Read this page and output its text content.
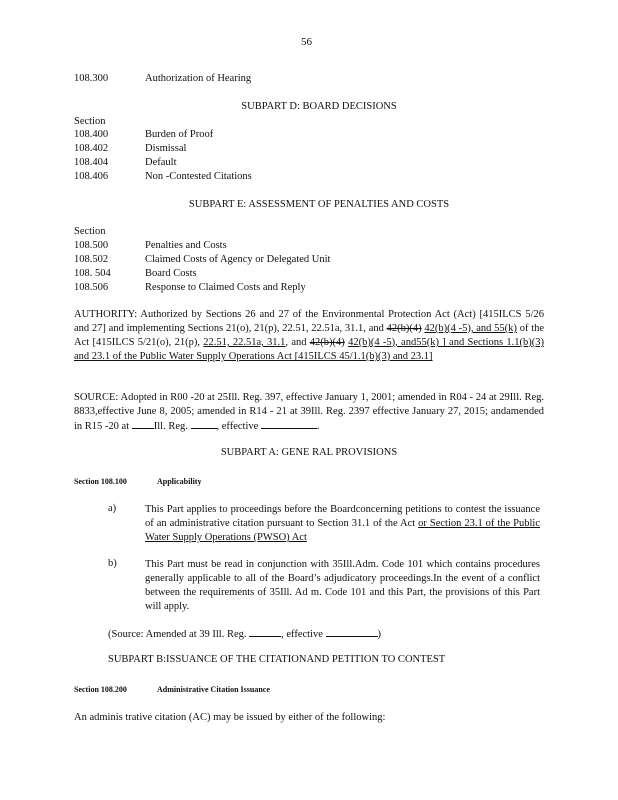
56
108.300	Authorization of Hearing
SUBPART D: BOARD DECISIONS
Section
108.400	Burden of Proof
108.402	Dismissal
108.404	Default
108.406	Non -Contested Citations
SUBPART E: ASSESSMENT OF PENALTIES AND COSTS
Section
108.500	Penalties and Costs
108.502	Claimed Costs of Agency or Delegated Unit
108. 504	Board Costs
108.506	Response to Claimed Costs and Reply
AUTHORITY: Authorized by Sections 26 and 27 of the Environmental Protection Act (Act) [415ILCS 5/26 and 27] and implementing Sections 21(o), 21(p), 22.51, 22.51a, 31.1, and 42(b)(4) 42(b)(4 -5), and 55(k) of the Act [415ILCS 5/21(o), 21(p), 22.51, 22.51a, 31.1, and 42(b)(4) 42(b)(4 -5), and55(k) ] and Sections 1.1(b)(3) and 23.1 of the Public Water Supply Operations Act [415ILCS 45/1.1(b)(3) and 23.1]
SOURCE: Adopted in R00 -20 at 25Ill. Reg. 397, effective January 1, 2001; amended in R04 - 24 at 29Ill. Reg. 8833,effective June 8, 2005; amended in R14 - 21 at 39Ill. Reg. 2397 effective January 27, 2015; andamended in R15 -20 at Ill. Reg. , effective	.
SUBPART A: GENE RAL PROVISIONS
Section 108.100	Applicability
a)	This Part applies to proceedings before the Boardconcerning petitions to contest the issuance of an administrative citation pursuant to Section 31.1 of the Act or Section 23.1 of the Public Water Supply Operations (PWSO) Act
b)	This Part must be read in conjunction with 35Ill.Adm. Code 101 which contains procedures generally applicable to all of the Board’s adjudicatory proceedings.In the event of a conflict between the requirements of 35Ill. Ad m. Code 101 and this Part, the provisions of this Part will apply.
(Source: Amended at 39 Ill. Reg.	, effective	)
SUBPART B:ISSUANCE OF THE CITATIONAND PETITION TO CONTEST
Section 108.200	Administrative Citation Issuance
An adminis trative citation (AC) may be issued by either of the following:
